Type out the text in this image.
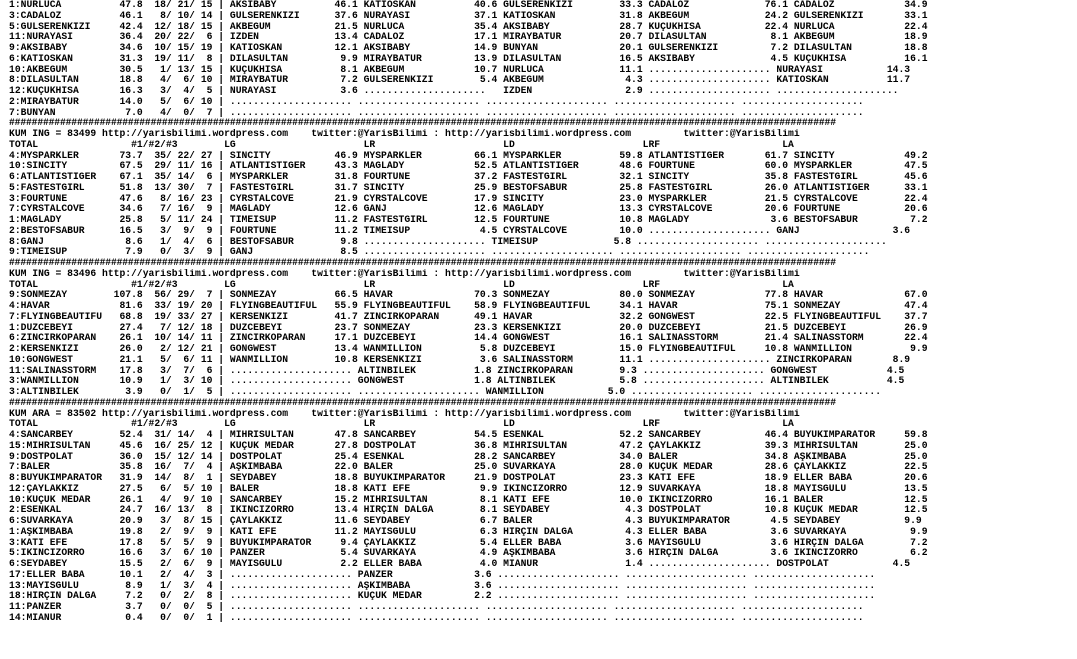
1:NURLUCA          47.8  18/ 21/ 15 | AKSIBABY          46.1 KATIÖSKAN          40.6 GÜLSERENKIZI        33.3 CADALOZ             76.1 CADALOZ            34.9
3:CADALOZ          46.1   8/ 10/ 14 | GÜLSERENKIZI      37.6 NURAYASI           37.1 KATIÖSKAN           31.8 AKBEGÜM             24.2 GÜLSERENKIZI       33.1
5:GÜLSERENKIZI     42.4  12/ 18/ 15 | AKBEGÜM           21.5 NURLUCA            35.4 AKSIBABY            28.7 KÜÇÜKHİSA           22.4 NURLUCA            22.4
11:NURAYASI        36.4  20/ 22/  6 | İZDEN             13.4 CADALOZ            17.1 MİRAYBATUR          20.7 DİLASULTAN           8.1 AKBEGÜM            18.9
9:AKSIBABY         34.6  10/ 15/ 19 | KATIÖSKAN         12.1 AKSIBABY           14.9 BÜNYAN              20.1 GÜLSERENKIZI         7.2 DİLASULTAN         18.8
6:KATIÖSKAN        31.3  19/ 11/  8 | DİLASULTAN         9.9 MİRAYBATUR         13.9 DİLASULTAN          16.5 AKSIBABY             4.5 KÜÇÜKHİSA          16.1
10:AKBEGÜM         30.5   1/ 13/ 15 | KÜÇÜKHİSA          8.1 AKBEGÜM            10.7 NURLUCA             11.1 ..................... NURAYASI           14.3
8:DİLASULTAN       18.8   4/  6/ 10 | MİRAYBATUR         7.2 GÜLSERENKIZI        5.4 AKBEGÜM              4.3 ..................... KATIÖSKAN          11.7
12:KÜÇÜKHİSA       16.3   3/  4/  5 | NURAYASI           3.6 .....................   İZDEN                2.9 ..................... .....................
2:MİRAYBATUR       14.0   5/  6/ 10 | ..................... ..................... ..................... ..................... .....................
7:BÜNYAN            7.0   4/  0/  7 | ..................... ..................... ..................... ..................... .....................
##################################################################################################################################################
KUM ING = 83499 http://yarisbilimi.wordpress.com    twitter:@YarisBilimi : http://yarisbilimi.wordpress.com         twitter:@YarisBilimi
TOTAL                #1/#2/#3        LG                      LR                      LD                      LRF                     LA
4:MYSPARKLER       73.7  35/ 22/ 27 | SINCITY           46.9 MYSPARKLER         66.1 MYSPARKLER          59.8 ATLANTISTIGER       61.7 SINCITY            49.2
10:SINCITY         67.5  29/ 11/ 16 | ATLANTISTIGER     43.3 MAGLADY            52.5 ATLANTISTIGER       48.6 FOURTUNE            60.0 MYSPARKLER         47.5
6:ATLANTISTIGER    67.1  35/ 14/  6 | MYSPARKLER        31.8 FOURTUNE           37.2 FASTESTGIRL         32.1 SINCITY             35.8 FASTESTGIRL        45.6
5:FASTESTGIRL      51.8  13/ 30/  7 | FASTESTGIRL       31.7 SINCITY            25.9 BESTOFSABUR         25.8 FASTESTGIRL         26.0 ATLANTISTIGER      33.1
3:FOURTUNE         47.6   8/ 16/ 23 | CYRSTALCOVE       21.9 CYRSTALCOVE        17.9 SINCITY             23.0 MYSPARKLER          21.5 CYRSTALCOVE        22.4
7:CYRSTALCOVE      34.6   7/ 16/  9 | MAGLADY           12.6 GANJ               12.6 MAGLADY             13.3 CYRSTALCOVE         20.6 FOURTUNE           20.6
1:MAGLADY          25.8   5/ 11/ 24 | TIMEISUP          11.2 FASTESTGIRL        12.5 FOURTUNE            10.8 MAGLADY              3.6 BESTOFSABUR         7.2
2:BESTOFSABUR      16.5   3/  9/  9 | FOURTUNE          11.2 TIMEISUP            4.5 CYRSTALCOVE         10.0 ..................... GANJ                3.6
8:GANJ              8.6   1/  4/  6 | BESTOFSABUR        9.8 ..................... TIMEISUP             5.8 ..................... .....................
9:TIMEISUP          7.9   0/  3/  9 | GANJ               8.5 ..................... ..................... ..................... .....................
##################################################################################################################################################
KUM ING = 83496 http://yarisbilimi.wordpress.com    twitter:@YarisBilimi : http://yarisbilimi.wordpress.com         twitter:@YarisBilimi
TOTAL                #1/#2/#3        LG                      LR                      LD                      LRF                     LA
9:SÖNMEZAY        107.8  56/ 29/  7 | SÖNMEZAY          66.5 HAVAR              70.3 SÖNMEZAY            80.0 SÖNMEZAY            77.8 HAVAR              67.0
4:HAVAR            81.6  33/ 19/ 20 | FLYINGBEAUTIFUL   55.9 FLYINGBEAUTIFUL    58.9 FLYINGBEAUTIFUL     34.1 HAVAR               75.1 SÖNMEZAY           47.4
7:FLYINGBEAUTIFU   68.8  19/ 33/ 27 | KERSENKIZI        41.7 ZİNCİRKOPARAN      49.1 HAVAR               32.2 GONGWEST            22.5 FLYINGBEAUTIFUL    37.7
1:DÜZCEBEYİ        27.4   7/ 12/ 18 | DÜZCEBEYİ         23.7 SÖNMEZAY           23.3 KERSENKIZI          20.0 DÜZCEBEYİ           21.5 DÜZCEBEYİ          26.9
6:ZİNCİRKOPARAN    26.1  10/ 14/ 11 | ZİNCİRKOPARAN     17.1 DÜZCEBEYİ          14.4 GONGWEST            16.1 SALINASSTORM        21.4 SALINASSTORM       22.4
2:KERSENKIZI       26.0   2/ 12/ 21 | GONGWEST          13.4 WANMILLION          5.8 DÜZCEBEYİ           15.0 FLYINGBEAUTIFUL     10.8 WANMILLION          9.9
10:GONGWEST        21.1   5/  6/ 11 | WANMILLION        10.8 KERSENKIZI          3.6 SALINASSTORM        11.1 ..................... ZİNCİRKOPARAN       8.9
11:SALINASSTORM    17.8   3/  7/  6 | ..................... ALTINBİLEK          1.8 ZİNCİRKOPARAN        9.3 ..................... GONGWEST            4.5
3:WANMILLION       10.9   1/  3/ 10 | ..................... GONGWEST            1.8 ALTINBİLEK           5.8 ..................... ALTINBİLEK          4.5
3:ALTINBİLEK        3.9   0/  1/  5 | ..................... ..................... WANMILLION           5.0 ..................... .....................
##################################################################################################################################################
KUM ARA = 83502 http://yarisbilimi.wordpress.com    twitter:@YarisBilimi : http://yarisbilimi.wordpress.com         twitter:@YarisBilimi
TOTAL                #1/#2/#3        LG                      LR                      LD                      LRF                     LA
4:SANCARBEY        52.4  31/ 14/  4 | MİHRİSULTAN       47.8 SANCARBEY          54.5 ESENKAL             52.2 SANCARBEY           46.4 BÜYÜKİMPARATOR     59.8
15:MİHRİSULTAN     45.6  16/ 25/ 12 | KÜÇÜK MEDAR       27.8 DOSTPOLAT          36.8 MİHRİSULTAN         47.2 ÇAYLAKKIZ           39.3 MİHRİSULTAN        25.0
9:DOSTPOLAT        36.0  15/ 12/ 14 | DOSTPOLAT         25.4 ESENKAL            28.2 SANCARBEY           34.0 BALER               34.8 AŞKIMBABA          25.0
7:BALER            35.8  16/  7/  4 | AŞKIMBABA         22.0 BALER              25.0 SUVARKAYA           28.0 KÜÇÜK MEDAR         28.6 ÇAYLAKKIZ          22.5
8:BÜYÜKİMPARATOR   31.9  14/  8/  1 | SEYDABEY          18.8 BÜYÜKİMPARATOR     21.9 DOSTPOLAT           23.3 KATİ EFE            18.9 ELLER BABA         20.6
12:ÇAYLAKKIZ       27.5   6/  5/ 10 | BALER             18.8 KATİ EFE            9.9 İKİNCİZORRO         12.9 SUVARKAYA           18.8 MAYISGÜLÜ          13.5
10:KÜÇÜK MEDAR     26.1   4/  9/ 10 | SANCARBEY         15.2 MİHRİSULTAN         8.1 KATİ EFE            10.0 İKİNCİZORRO         16.1 BALER              12.5
2:ESENKAL          24.7  16/ 13/  8 | İKİNCİZORRO       13.4 HIRÇIN DALGA        8.1 SEYDABEY             4.3 DOSTPOLAT           10.8 KÜÇÜK MEDAR        12.5
6:SUVARKAYA        20.9   3/  8/ 15 | ÇAYLAKKIZ         11.6 SEYDABEY            6.7 BALER                4.3 BÜYÜKİMPARATOR       4.5 SEYDABEY           9.9
1:AŞKIMBABA        19.8   2/  9/  9 | KATİ EFE          11.2 MAYISGÜLÜ           6.3 HIRÇIN DALGA         4.3 ELLER BABA           3.6 SUVARKAYA           9.9
3:KATİ EFE         17.8   5/  5/  9 | BÜYÜKİMPARATOR     9.4 ÇAYLAKKIZ           5.4 ELLER BABA           3.6 MAYISGÜLÜ            3.6 HIRÇIN DALGA        7.2
5:İKİNCİZORRO      16.6   3/  6/ 10 | PANZER             5.4 SUVARKAYA           4.9 AŞKIMBABA            3.6 HIRÇIN DALGA         3.6 İKİNCİZORRO         6.2
6:SEYDABEY         15.5   2/  6/  9 | MAYISGÜLÜ          2.2 ELLER BABA          4.0 MİANUR               1.4 ..................... DOSTPOLAT           4.5
17:ELLER BABA      10.1   2/  4/  3 | ..................... PANZER              3.6 ..................... ..................... .....................
13:MAYISGÜLÜ        8.9   1/  3/  4 | ..................... AŞKIMBABA           3.6 ..................... ..................... .....................
18:HIRÇIN DALGA     7.2   0/  2/  8 | ..................... KÜÇÜK MEDAR         2.2 ..................... ..................... .....................
11:PANZER           3.7   0/  0/  5 | ..................... ..................... ..................... ..................... .....................
14:MİANUR           0.4   0/  0/  1 | ..................... ..................... ..................... ..................... .....................
